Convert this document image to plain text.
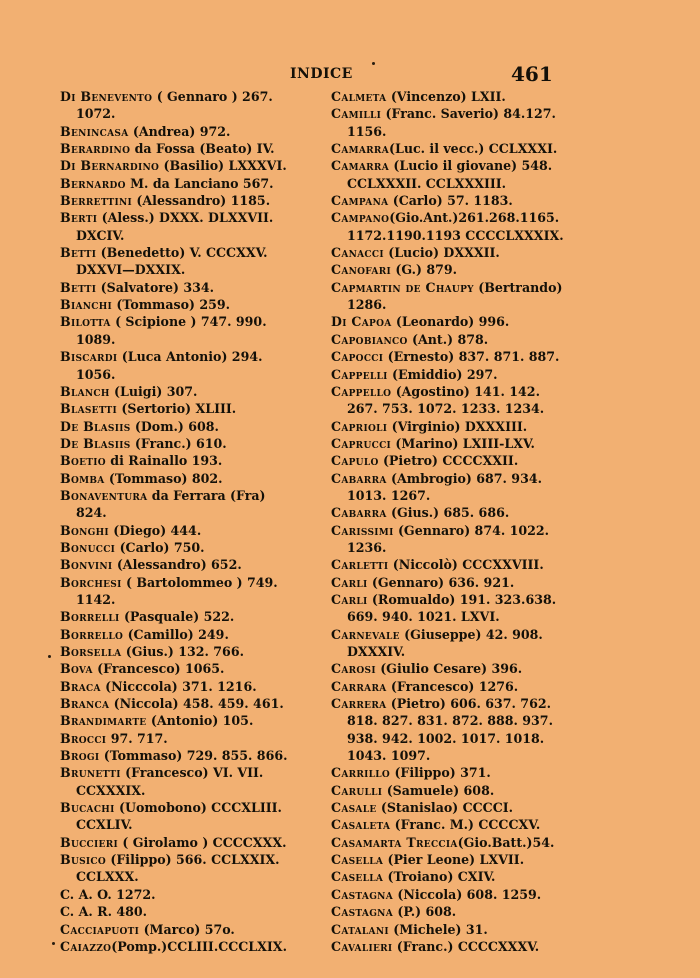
INDICE	461
Di Benevento ( Gennaro ) 267. 1072.
Benincasa (Andrea) 972.
Berardino da Fossa (Beato) IV.
Di Bernardino (Basilio) LXXXVI.
Bernardo M. da Lanciano 567.
Berrettini (Alessandro) 1185.
Berti (Aless.) DXXX. DLXXVII. DXCIV.
Betti (Benedetto) V. CCCXXV. DXXVI—DXXIX.
Betti (Salvatore) 334.
Bianchi (Tommaso) 259.
Bilotta ( Scipione ) 747. 990. 1089.
Biscardi (Luca Antonio) 294. 1056.
Blanch (Luigi) 307.
Blasetti (Sertorio) XLIII.
De Blasiis (Dom.) 608.
De Blasiis (Franc.) 610.
Boetio di Rainallo 193.
Bomba (Tommaso) 802.
Bonaventura da Ferrara (Fra) 824.
Bonghi (Diego) 444.
Bonucci (Carlo) 750.
Bonvini (Alessandro) 652.
Borchesi ( Bartolommeo ) 749. 1142.
Borrelli (Pasquale) 522.
Borrello (Camillo) 249.
Borsella (Gius.) 132. 766.
Bova (Francesco) 1065.
Braca (Nicccola) 371. 1216.
Branca (Niccola) 458. 459. 461.
Brandimarte (Antonio) 105.
Brocci 97. 717.
Brogi (Tommaso) 729. 855. 866.
Brunetti (Francesco) VI. VII. CCXXXIX.
Bucachi (Uomobono) CCCXLIII. CCXLIV.
Buccieri ( Girolamo ) CCCCXXX.
Busico (Filippo) 566. CCLXXIX. CCLXXX.
C. A. O. 1272.
C. A. R. 480.
Cacciapuoti (Marco) 57o.
Caiazzo(Pomp.)CCLIII.CCCLXIX.
Calmeta (Vincenzo) LXII.
Camilli (Franc. Saverio) 84.127. 1156.
Camarra(Luc. il vecc.) CCLXXXI.
Camarra (Lucio il giovane) 548. CCLXXXII. CCLXXXIII.
Campana (Carlo) 57. 1183.
Campano(Gio.Ant.)261.268.1165. 1172.1190.1193 CCCCLXXXIX.
Canacci (Lucio) DXXXII.
Canofari (G.) 879.
Capmartin de Chaupy (Bertrando) 1286.
Di Capoa (Leonardo) 996.
Capobianco (Ant.) 878.
Capocci (Ernesto) 837. 871. 887.
Cappelli (Emiddio) 297.
Cappello (Agostino) 141. 142. 267. 753. 1072. 1233. 1234.
Caprioli (Virginio) DXXXIII.
Caprucci (Marino) LXIII-LXV.
Capulo (Pietro) CCCCXXII.
Cabarra (Ambrogio) 687. 934. 1013. 1267.
Cabarra (Gius.) 685. 686.
Carissimi (Gennaro) 874. 1022. 1236.
Carletti (Niccolò) CCCXXVIII.
Carli (Gennaro) 636. 921.
Carli (Romualdo) 191. 323.638. 669. 940. 1021. LXVI.
Carnevale (Giuseppe) 42. 908. DXXXIV.
Carosi (Giulio Cesare) 396.
Carrara (Francesco) 1276.
Carrera (Pietro) 606. 637. 762. 818. 827. 831. 872. 888. 937. 938. 942. 1002. 1017. 1018. 1043. 1097.
Carrillo (Filippo) 371.
Carulli (Samuele) 608.
Casale (Stanislao) CCCCI.
Casaleta (Franc. M.) CCCCXV.
Casamarta Treccia(Gio.Batt.)54.
Casella (Pier Leone) LXVII.
Casella (Troiano) CXIV.
Castagna (Niccola) 608. 1259.
Castagna (P.) 608.
Catalani (Michele) 31.
Cavalieri (Franc.) CCCCXXXV.
